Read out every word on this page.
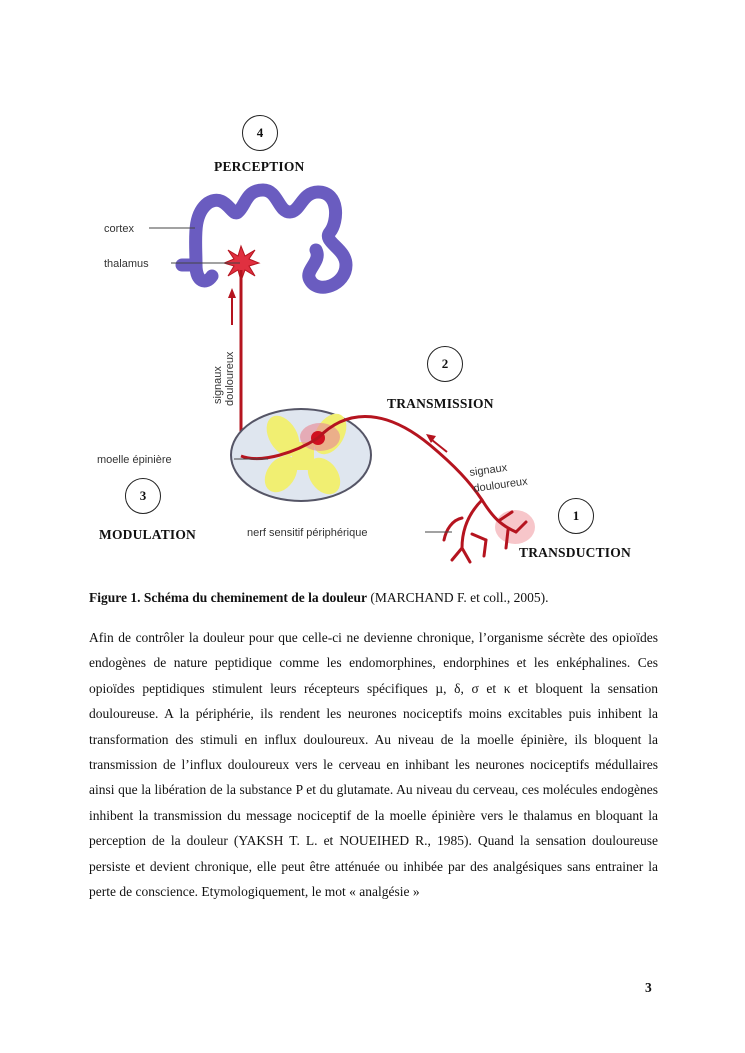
4
PERCEPTION
2
TRANSMISSION
3
MODULATION
1
TRANSDUCTION
cortex
thalamus
moelle épinière
nerf sensitif périphérique
signaux douloureux
signaux
douloureux
Figure 1. Schéma du cheminement de la douleur (MARCHAND F. et coll., 2005).

Afin de contrôler la douleur pour que celle-ci ne devienne chronique, l’organisme sécrète des opioïdes endogènes de nature peptidique comme les endomorphines, endorphines et les enképhalines. Ces opioïdes peptidiques stimulent leurs récepteurs spécifiques µ, δ, σ et κ et bloquent la sensation douloureuse. A la périphérie, ils rendent les neurones nociceptifs moins excitables puis inhibent la transformation des stimuli en influx douloureux. Au niveau de la moelle épinière, ils bloquent la transmission de l’influx douloureux vers le cerveau en inhibant les neurones nociceptifs médullaires ainsi que la libération de la substance P et du glutamate. Au niveau du cerveau, ces molécules endogènes inhibent la transmission du message nociceptif de la moelle épinière vers le thalamus en bloquant la perception de la douleur (YAKSH T. L. et NOUEIHED R., 1985). Quand la sensation douloureuse persiste et devient chronique, elle peut être atténuée ou inhibée par des analgésiques sans entrainer la perte de conscience. Etymologiquement, le mot « analgésie »

3
